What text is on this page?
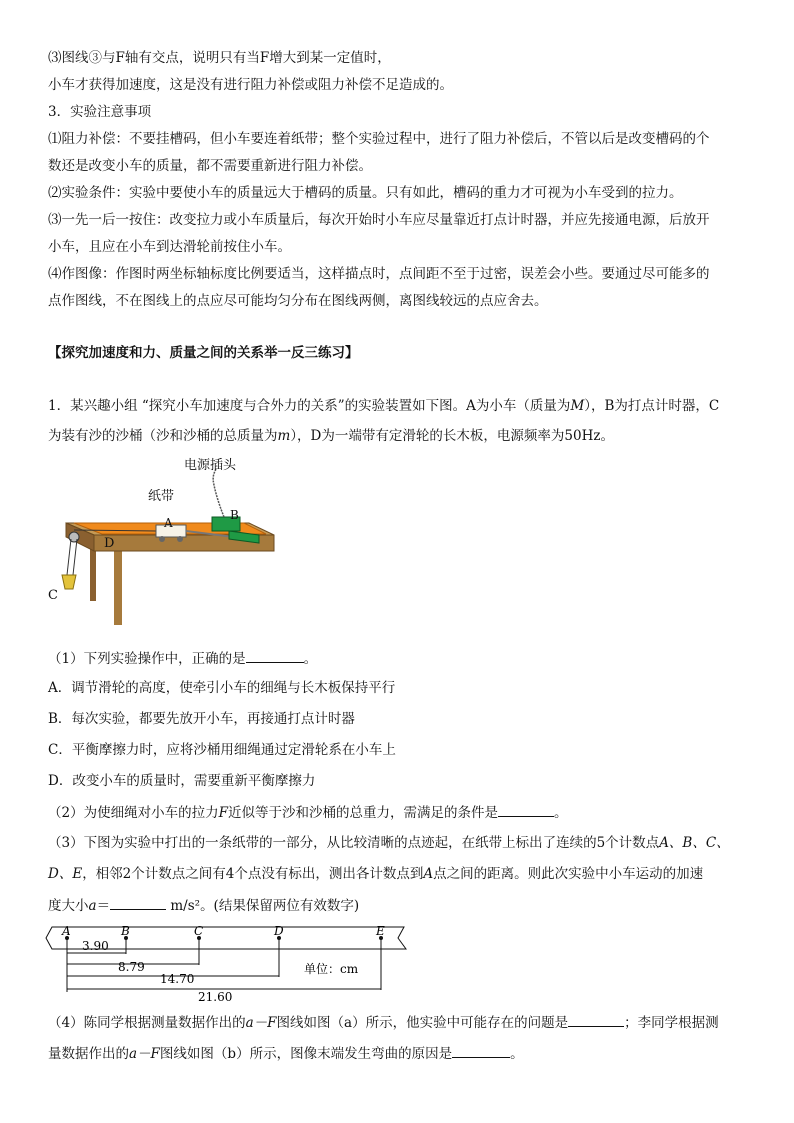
⑶图线③与F轴有交点，说明只有当F增大到某一定值时，
小车才获得加速度，这是没有进行阻力补偿或阻力补偿不足造成的。
3．实验注意事项
⑴阻力补偿：不要挂槽码，但小车要连着纸带；整个实验过程中，进行了阻力补偿后，不管以后是改变槽码的个
数还是改变小车的质量，都不需要重新进行阻力补偿。
⑵实验条件：实验中要使小车的质量远大于槽码的质量。只有如此，槽码的重力才可视为小车受到的拉力。
⑶一先一后一按住：改变拉力或小车质量后，每次开始时小车应尽量靠近打点计时器，并应先接通电源，后放开
小车，且应在小车到达滑轮前按住小车。
⑷作图像：作图时两坐标轴标度比例要适当，这样描点时，点间距不至于过密，误差会小些。要通过尽可能多的
点作图线，不在图线上的点应尽可能均匀分布在图线两侧，离图线较远的点应舍去。
【探究加速度和力、质量之间的关系举一反三练习】
1．某兴趣小组 “探究小车加速度与合外力的关系”的实验装置如下图。A为小车（质量为M），B为打点计时器，C
为装有沙的沙桶（沙和沙桶的总质量为m），D为一端带有定滑轮的长木板，电源频率为50Hz。
电源插头
纸带
A
B
C
D
（1）下列实验操作中，正确的是	。
A．调节滑轮的高度，使牵引小车的细绳与长木板保持平行
B．每次实验，都要先放开小车，再接通打点计时器
C．平衡摩擦力时，应将沙桶用细绳通过定滑轮系在小车上
D．改变小车的质量时，需要重新平衡摩擦力
（2）为使细绳对小车的拉力F近似等于沙和沙桶的总重力，需满足的条件是	。
（3）下图为实验中打出的一条纸带的一部分，从比较清晰的点迹起，在纸带上标出了连续的5个计数点A、B、C、
D、E，相邻2个计数点之间有4个点没有标出，测出各计数点到A点之间的距离。则此次实验中小车运动的加速
度大小a＝	m/s²。(结果保留两位有效数字)
A	B	C	D	E
3.90
8.79
14.70
21.60
单位：cm
（4）陈同学根据测量数据作出的a－F图线如图（a）所示，他实验中可能存在的问题是	；李同学根据测
量数据作出的a－F图线如图（b）所示，图像末端发生弯曲的原因是	。
